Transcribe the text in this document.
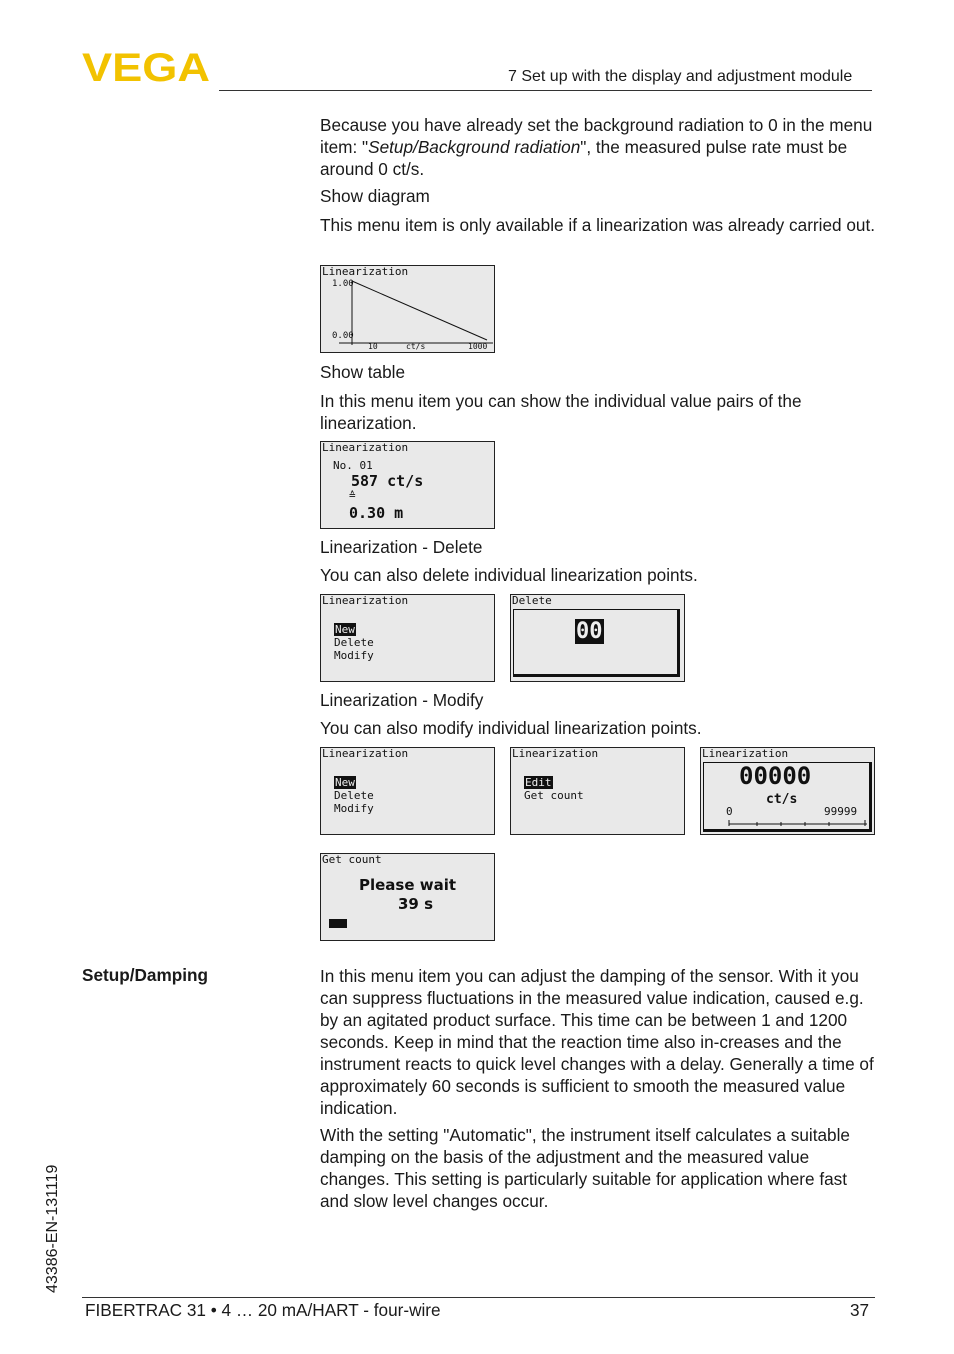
VEGA	7 Set up with the display and adjustment module

Because you have already set the background radiation to 0 in the menu item: "Setup/Background radiation", the measured pulse rate must be around 0 ct/s.

Show diagram
This menu item is only available if a linearization was already carried out.
Linearization
1.00
0.00
10	ct/s	1000
Show table
In this menu item you can show the individual value pairs of the linearization.
Linearization
No. 01
587 ct/s
≙
0.30 m
Linearization - Delete
You can also delete individual linearization points.
Linearization
New
Delete
Modify
Delete
00
Linearization - Modify
You can also modify individual linearization points.
Linearization
New
Delete
Modify
Linearization
Edit
Get count
Linearization
00000
ct/s
0	99999
Get count
Please wait
39 s
Setup/Damping	In this menu item you can adjust the damping of the sensor. With it you can suppress fluctuations in the measured value indication, caused e.g. by an agitated product surface. This time can be between 1 and 1200 seconds. Keep in mind that the reaction time also in-creases and the instrument reacts to quick level changes with a delay. Generally a time of approximately 60 seconds is sufficient to smooth the measured value indication.
With the setting "Automatic", the instrument itself calculates a suitable damping on the basis of the adjustment and the measured value changes. This setting is particularly suitable for application where fast and slow level changes occur.
43386-EN-131119
FIBERTRAC 31 • 4 … 20 mA/HART - four-wire	37
